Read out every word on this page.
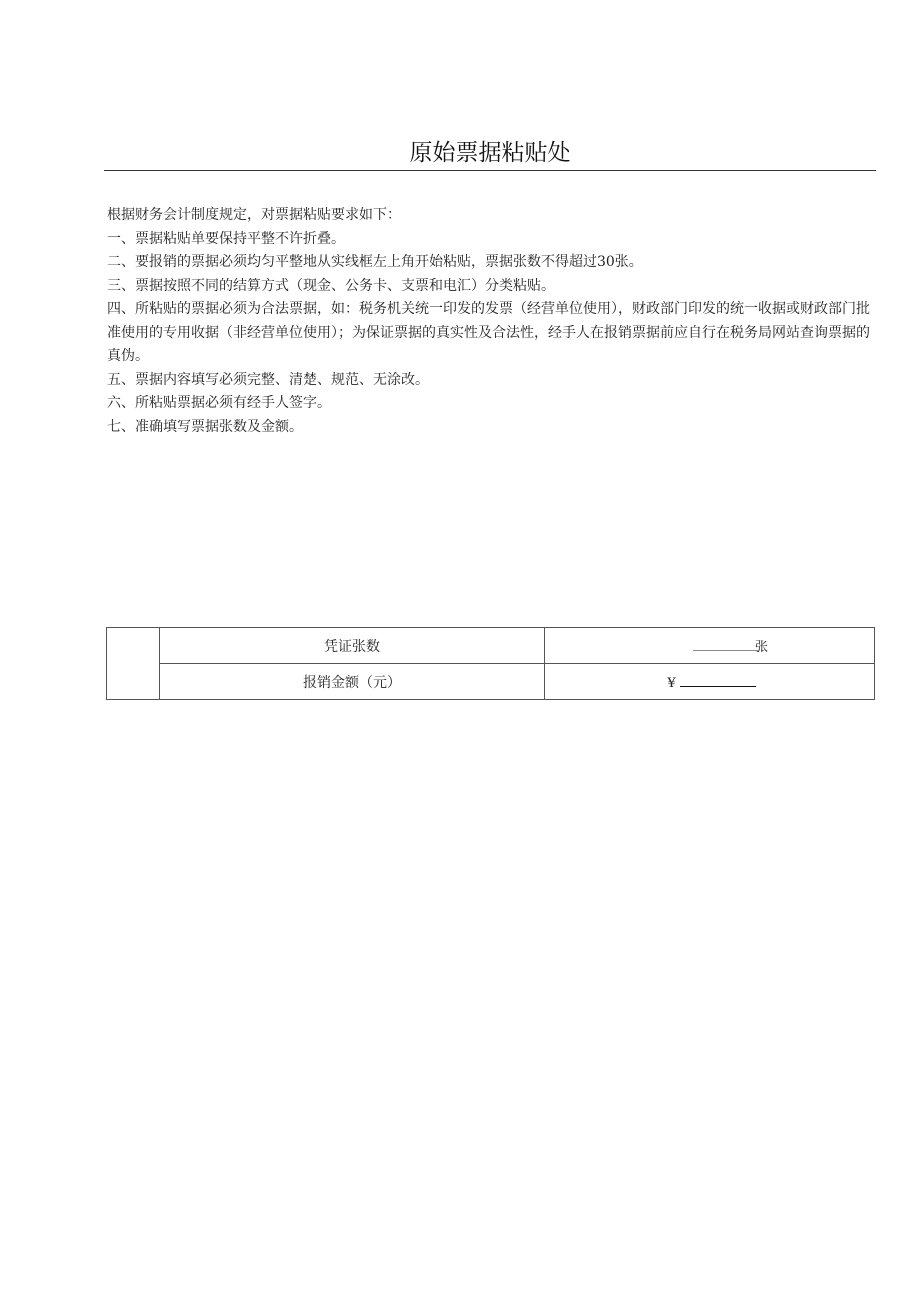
原始票据粘贴处

根据财务会计制度规定，对票据粘贴要求如下：

一、票据粘贴单要保持平整不许折叠。

二、要报销的票据必须均匀平整地从实线框左上角开始粘贴，票据张数不得超过30张。

三、票据按照不同的结算方式（现金、公务卡、支票和电汇）分类粘贴。

四、所粘贴的票据必须为合法票据，如：税务机关统一印发的发票（经营单位使用），财政部门印发的统一收据或财政部门批准使用的专用收据（非经营单位使用）；为保证票据的真实性及合法性，经手人在报销票据前应自行在税务局网站查询票据的真伪。

五、票据内容填写必须完整、清楚、规范、无涂改。

六、所粘贴票据必须有经手人签字。

七、准确填写票据张数及金额。

	凭证张数	张
	报销金额（元）	¥
